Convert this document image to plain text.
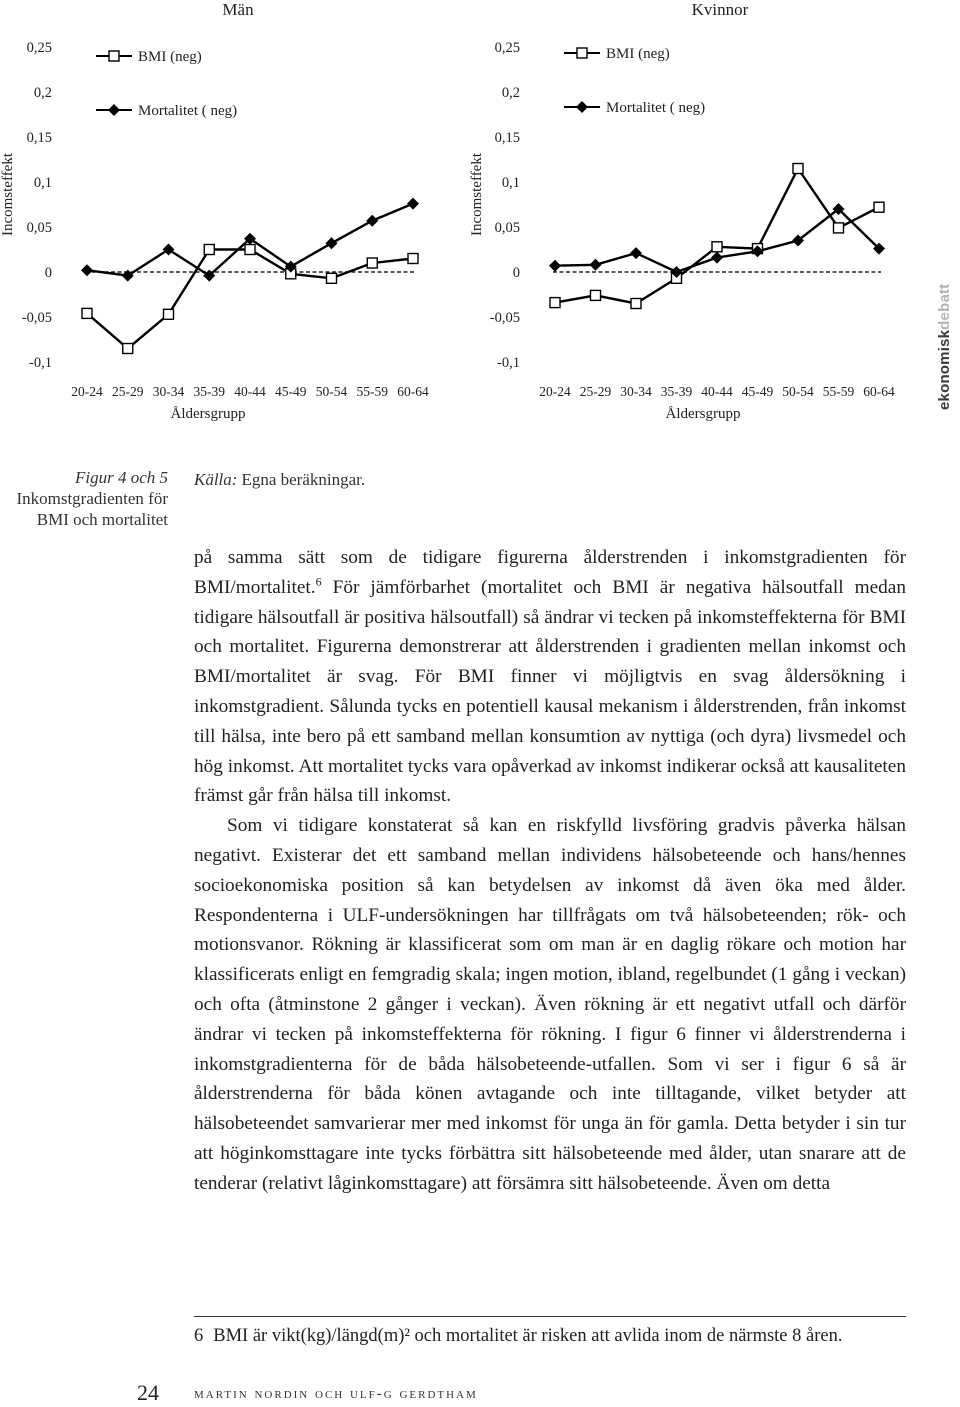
Män
0,25
0,2
0,15
0,1
0,05
0
-0,05
-0,1
Incomsteffekt
20-24 25-29 30-34 35-39 40-44 45-49 50-54 55-59 60-64
Åldersgrupp
BMI (neg)
Mortalitet ( neg)
Kvinnor
0,25
0,2
0,15
0,1
0,05
0
-0,05
-0,1
Incomsteffekt
20-24 25-29 30-34 35-39 40-44 45-49 50-54 55-59 60-64
Åldersgrupp
BMI (neg)
Mortalitet ( neg)
ekonomiskdebatt
Figur 4 och 5
Inkomstgradienten för BMI och mortalitet
Källa: Egna beräkningar.

på samma sätt som de tidigare figurerna ålderstrenden i inkomstgradienten för BMI/mortalitet.$^6$ För jämförbarhet (mortalitet och BMI är negativa hälsoutfall medan tidigare hälsoutfall är positiva hälsoutfall) så ändrar vi tecken på inkomsteffekterna för BMI och mortalitet. Figurerna demonstrerar att ålderstrenden i gradienten mellan inkomst och BMI/mortalitet är svag. För BMI finner vi möjligtvis en svag åldersökning i inkomstgradient. Sålunda tycks en potentiell kausal mekanism i ålderstrenden, från inkomst till hälsa, inte bero på ett samband mellan konsumtion av nyttiga (och dyra) livsmedel och hög inkomst. Att mortalitet tycks vara opåverkad av inkomst indikerar också att kausaliteten främst går från hälsa till inkomst.

Som vi tidigare konstaterat så kan en riskfylld livsföring gradvis påverka hälsan negativt. Existerar det ett samband mellan individens hälsobeteende och hans/hennes socioekonomiska position så kan betydelsen av inkomst då även öka med ålder. Respondenterna i ULF-undersökningen har tillfrågats om två hälsobeteenden; rök- och motionsvanor. Rökning är klassificerat som om man är en daglig rökare och motion har klassificerats enligt en femgradig skala; ingen motion, ibland, regelbundet (1 gång i veckan) och ofta (åtminstone 2 gånger i veckan). Även rökning är ett negativt utfall och därför ändrar vi tecken på inkomsteffekterna för rökning. I figur 6 finner vi ålderstrenderna i inkomstgradienterna för de båda hälsobeteende-utfallen. Som vi ser i figur 6 så är ålderstrenderna för båda könen avtagande och inte tilltagande, vilket betyder att hälsobeteendet samvarierar mer med inkomst för unga än för gamla. Detta betyder i sin tur att höginkomsttagare inte tycks förbättra sitt hälsobeteende med ålder, utan snarare att de tenderar (relativt låginkomsttagare) att försämra sitt hälsobeteende. Även om detta

6 BMI är vikt(kg)/längd(m)² och mortalitet är risken att avlida inom de närmste 8 åren.
24 martin nordin och ulf-g gerdtham
